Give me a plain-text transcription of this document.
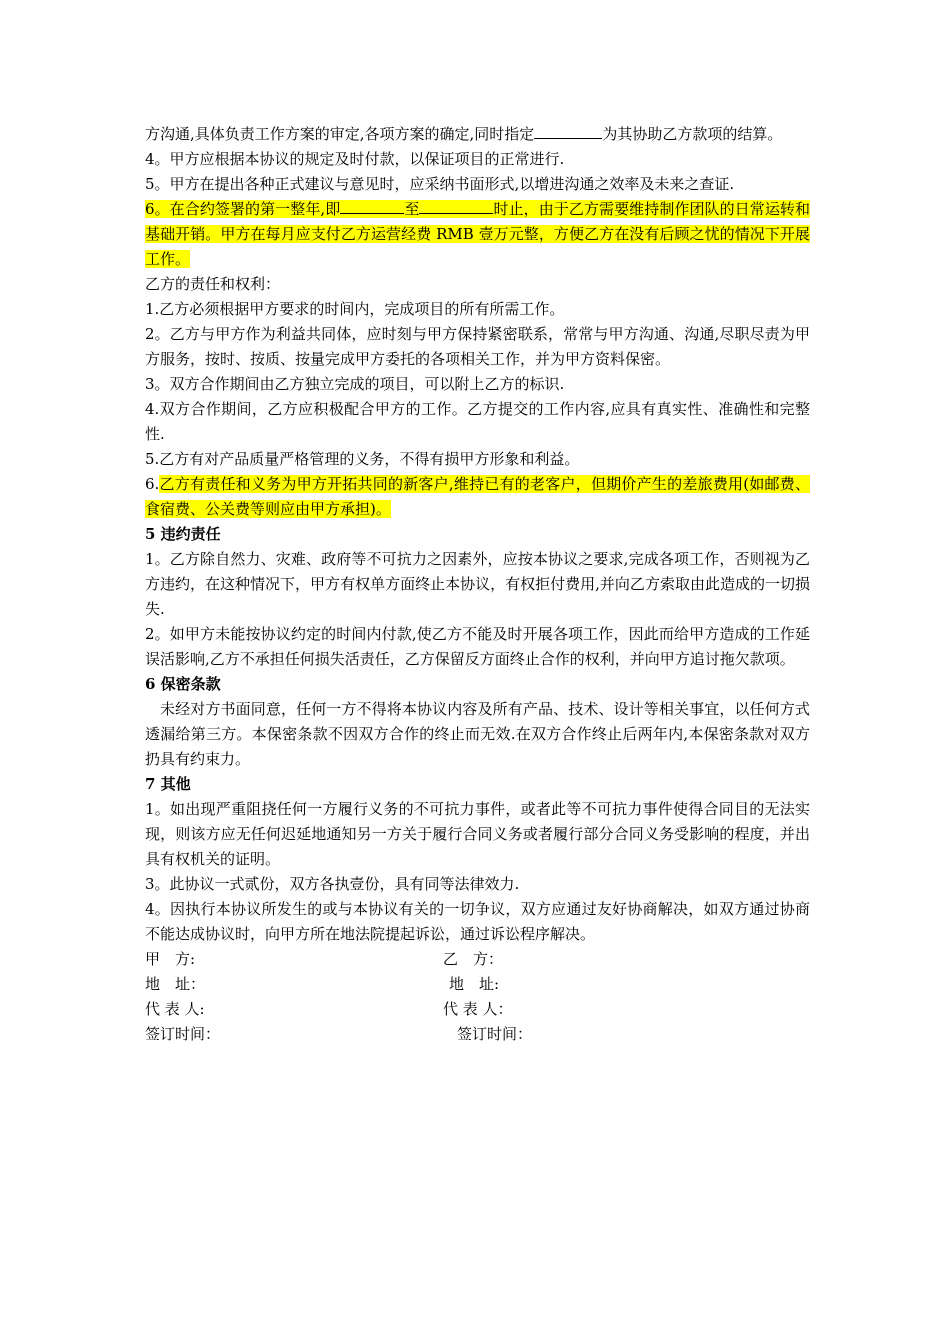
方沟通,具体负责工作方案的审定,各项方案的确定,同时指定	为其协助乙方款项的结算。

4。甲方应根据本协议的规定及时付款，以保证项目的正常进行.

5。甲方在提出各种正式建议与意见时，应采纳书面形式,以增进沟通之效率及未来之查证.

6。在合约签署的第一整年,即	至	时止，由于乙方需要维持制作团队的日常运转和基础开销。甲方在每月应支付乙方运营经费 RMB 壹万元整，方便乙方在没有后顾之忧的情况下开展工作。

乙方的责任和权利：

1.乙方必须根据甲方要求的时间内，完成项目的所有所需工作。

2。乙方与甲方作为利益共同体，应时刻与甲方保持紧密联系，常常与甲方沟通、沟通,尽职尽责为甲方服务，按时、按质、按量完成甲方委托的各项相关工作，并为甲方资料保密。

3。双方合作期间由乙方独立完成的项目，可以附上乙方的标识.

4.双方合作期间，乙方应积极配合甲方的工作。乙方提交的工作内容,应具有真实性、准确性和完整性.

5.乙方有对产品质量严格管理的义务，不得有损甲方形象和利益。

6.乙方有责任和义务为甲方开拓共同的新客户,维持已有的老客户，但期价产生的差旅费用(如邮费、食宿费、公关费等则应由甲方承担)。

5 违约责任

1。乙方除自然力、灾难、政府等不可抗力之因素外，应按本协议之要求,完成各项工作，否则视为乙方违约，在这种情况下，甲方有权单方面终止本协议，有权拒付费用,并向乙方索取由此造成的一切损失.

2。如甲方未能按协议约定的时间内付款,使乙方不能及时开展各项工作，因此而给甲方造成的工作延误活影响,乙方不承担任何损失活责任，乙方保留反方面终止合作的权利，并向甲方追讨拖欠款项。

6 保密条款

未经对方书面同意，任何一方不得将本协议内容及所有产品、技术、设计等相关事宜，以任何方式透漏给第三方。本保密条款不因双方合作的终止而无效.在双方合作终止后两年内,本保密条款对双方扔具有约束力。

7 其他

1。如出现严重阻挠任何一方履行义务的不可抗力事件，或者此等不可抗力事件使得合同目的无法实现，则该方应无任何迟延地通知另一方关于履行合同义务或者履行部分合同义务受影响的程度，并出具有权机关的证明。

3。此协议一式贰份，双方各执壹份，具有同等法律效力.

4。因执行本协议所发生的或与本协议有关的一切争议，双方应通过友好协商解决，如双方通过协商不能达成协议时，向甲方所在地法院提起诉讼，通过诉讼程序解决。

甲　方:	乙　方：
地　址：	地　址:
代 表 人:	代 表 人：
签订时间：	签订时间：
